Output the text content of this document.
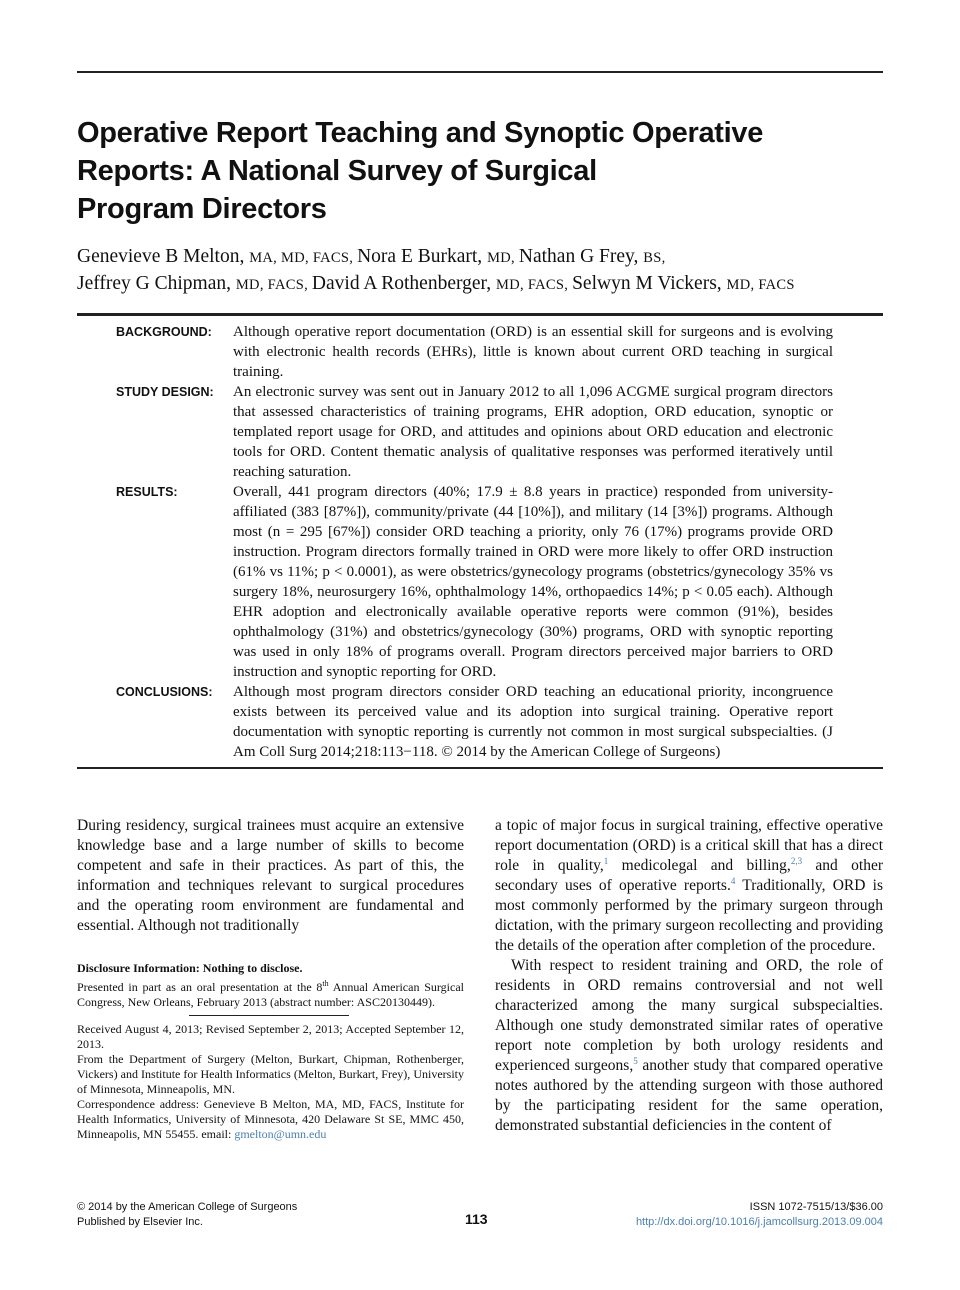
Operative Report Teaching and Synoptic Operative
Reports: A National Survey of Surgical
Program Directors
Genevieve B Melton, MA, MD, FACS, Nora E Burkart, MD, Nathan G Frey, BS,
Jeffrey G Chipman, MD, FACS, David A Rothenberger, MD, FACS, Selwyn M Vickers, MD, FACS
BACKGROUND:	Although operative report documentation (ORD) is an essential skill for surgeons and is evolving with electronic health records (EHRs), little is known about current ORD teaching in surgical training.
STUDY DESIGN:	An electronic survey was sent out in January 2012 to all 1,096 ACGME surgical program directors that assessed characteristics of training programs, EHR adoption, ORD education, synoptic or templated report usage for ORD, and attitudes and opinions about ORD education and electronic tools for ORD. Content thematic analysis of qualitative responses was performed iteratively until reaching saturation.
RESULTS:	Overall, 441 program directors (40%; 17.9 ± 8.8 years in practice) responded from university-affiliated (383 [87%]), community/private (44 [10%]), and military (14 [3%]) programs. Although most (n = 295 [67%]) consider ORD teaching a priority, only 76 (17%) programs provide ORD instruction. Program directors formally trained in ORD were more likely to offer ORD instruction (61% vs 11%; p < 0.0001), as were obstetrics/gynecology programs (obstetrics/gynecology 35% vs surgery 18%, neurosurgery 16%, ophthalmology 14%, orthopaedics 14%; p < 0.05 each). Although EHR adoption and electronically available operative reports were common (91%), besides ophthalmology (31%) and obstetrics/gynecology (30%) programs, ORD with synoptic reporting was used in only 18% of programs overall. Program directors perceived major barriers to ORD instruction and synoptic reporting for ORD.
CONCLUSIONS:	Although most program directors consider ORD teaching an educational priority, incongruence exists between its perceived value and its adoption into surgical training. Operative report documentation with synoptic reporting is currently not common in most surgical subspecialties. (J Am Coll Surg 2014;218:113−118. © 2014 by the American College of Surgeons)

During residency, surgical trainees must acquire an extensive knowledge base and a large number of skills to become competent and safe in their practices. As part of this, the information and techniques relevant to surgical procedures and the operating room environment are fundamental and essential. Although not traditionally

Disclosure Information: Nothing to disclose.

Presented in part as an oral presentation at the 8th Annual American Surgical Congress, New Orleans, February 2013 (abstract number: ASC20130449).

Received August 4, 2013; Revised September 2, 2013; Accepted September 12, 2013.

From the Department of Surgery (Melton, Burkart, Chipman, Rothenberger, Vickers) and Institute for Health Informatics (Melton, Burkart, Frey), University of Minnesota, Minneapolis, MN.

Correspondence address: Genevieve B Melton, MA, MD, FACS, Institute for Health Informatics, University of Minnesota, 420 Delaware St SE, MMC 450, Minneapolis, MN 55455. email: gmelton@umn.edu

a topic of major focus in surgical training, effective operative report documentation (ORD) is a critical skill that has a direct role in quality,$^1$ medicolegal and billing,$^{2,3}$ and other secondary uses of operative reports.$^4$ Traditionally, ORD is most commonly performed by the primary surgeon through dictation, with the primary surgeon recollecting and providing the details of the operation after completion of the procedure.

With respect to resident training and ORD, the role of residents in ORD remains controversial and not well characterized among the many surgical subspecialties. Although one study demonstrated similar rates of operative report note completion by both urology residents and experienced surgeons,$^5$ another study that compared operative notes authored by the attending surgeon with those authored by the participating resident for the same operation, demonstrated substantial deficiencies in the content of

© 2014 by the American College of Surgeons
Published by Elsevier Inc.	113
ISSN 1072-7515/13/$36.00
http://dx.doi.org/10.1016/j.jamcollsurg.2013.09.004
